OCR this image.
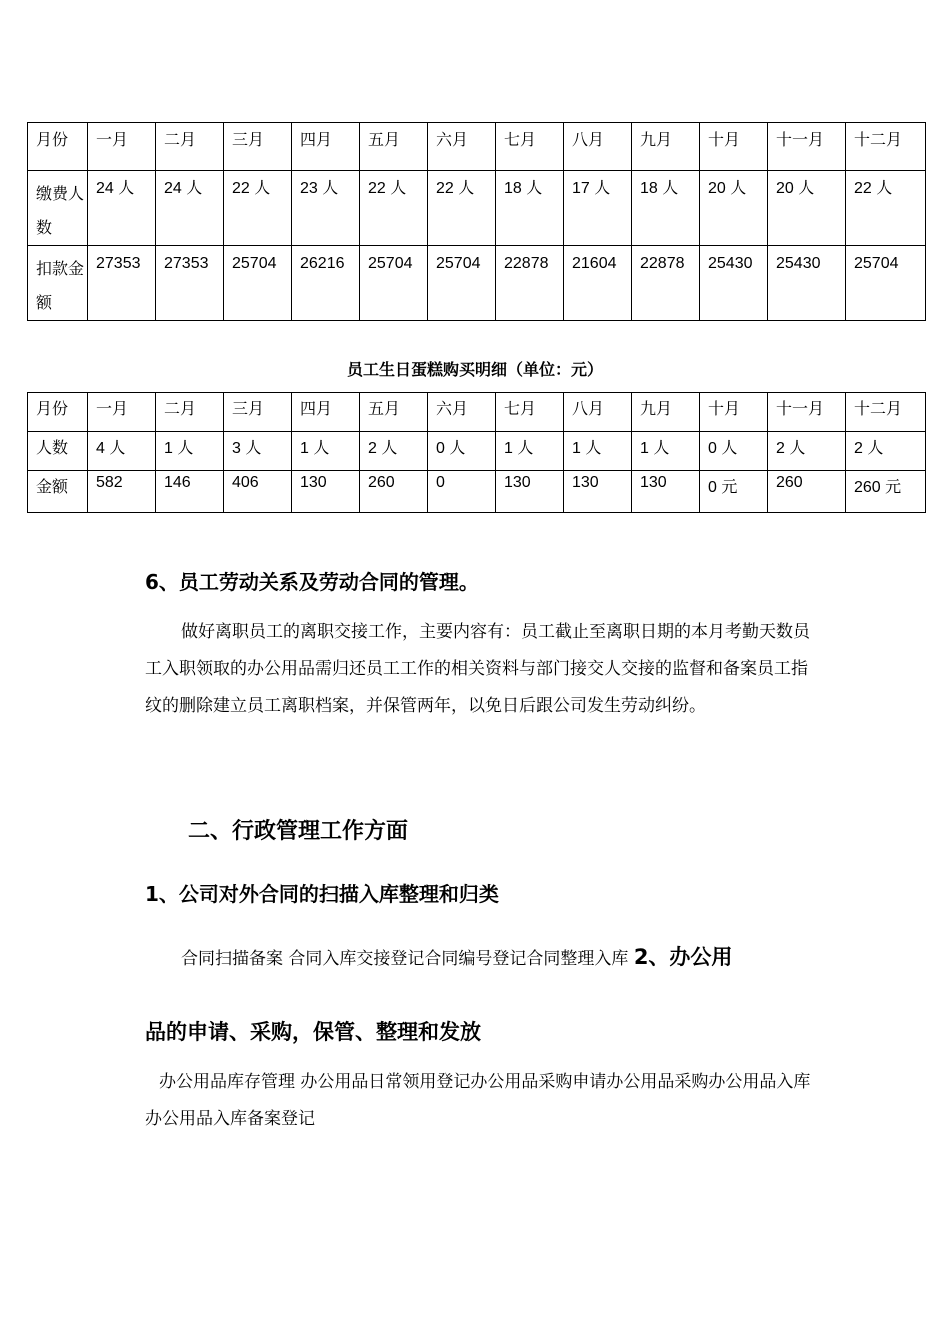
月份	一月	二月	三月	四月	五月	六月	七月	八月	九月	十月	十一月	十二月
缴费人数	24 人	24 人	22 人	23 人	22 人	22 人	18 人	17 人	18 人	20 人	20 人	22 人
扣款金额	27353	27353	25704	26216	25704	25704	22878	21604	22878	25430	25430	25704
员工生日蛋糕购买明细（单位：元）
月份	一月	二月	三月	四月	五月	六月	七月	八月	九月	十月	十一月	十二月
人数	4 人	1 人	3 人	1 人	2 人	0 人	1 人	1 人	1 人	0 人	2 人	2 人
金额	582	146	406	130	260	0	130	130	130	0 元	260	260 元
6、员工劳动关系及劳动合同的管理。
做好离职员工的离职交接工作，主要内容有：员工截止至离职日期的本月考勤天数员工入职领取的办公用品需归还员工工作的相关资料与部门接交人交接的监督和备案员工指纹的删除建立员工离职档案，并保管两年，以免日后跟公司发生劳动纠纷。
二、行政管理工作方面
1、公司对外合同的扫描入库整理和归类
合同扫描备案 合同入库交接登记合同编号登记合同整理入库 2、办公用
品的申请、采购，保管、整理和发放
办公用品库存管理 办公用品日常领用登记办公用品采购申请办公用品采购办公用品入库办公用品入库备案登记
